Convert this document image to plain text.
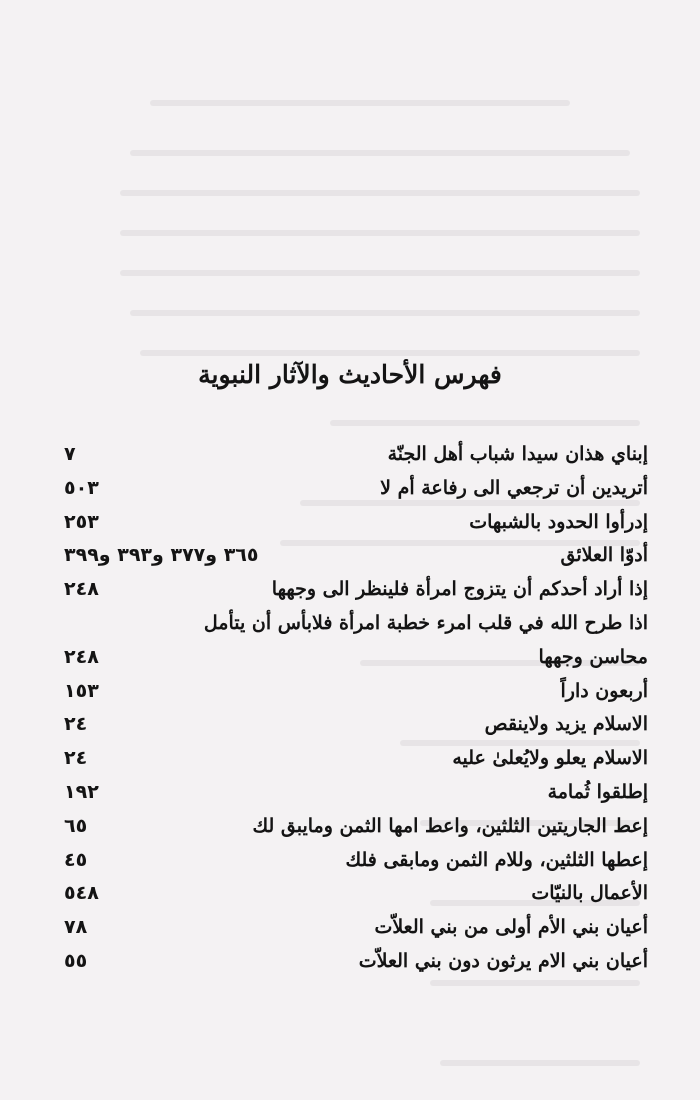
فهرس الأحاديث والآثار النبوية
إبناي هذان سيدا شباب أهل الجنّة
٧
أتريدين أن ترجعي الى رفاعة أم لا
٥٠٣
إدرأوا الحدود بالشبهات
٢٥٣
أدوّا العلائق
٣٦٥ و٣٧٧ و٣٩٣ و٣٩٩
إذا أراد أحدكم أن يتزوج امرأة فلينظر الى وجهها
٢٤٨
اذا طرح الله في قلب امرء خطبة امرأة فلابأس أن يتأمل
محاسن وجهها
٢٤٨
أربعون داراً
١٥٣
الاسلام يزيد ولاينقص
٢٤
الاسلام يعلو ولايُعلىٰ عليه
٢٤
إطلقوا ثُمامة
١٩٢
إعط الجاريتين الثلثين، واعط امها الثمن ومايبق لك
٦٥
إعطها الثلثين، وللام الثمن ومابقى فلك
٤٥
الأعمال بالنيّات
٥٤٨
أعيان بني الأم أولى من بني العلاّت
٧٨
أعيان بني الام يرثون دون بني العلاّت
٥٥
